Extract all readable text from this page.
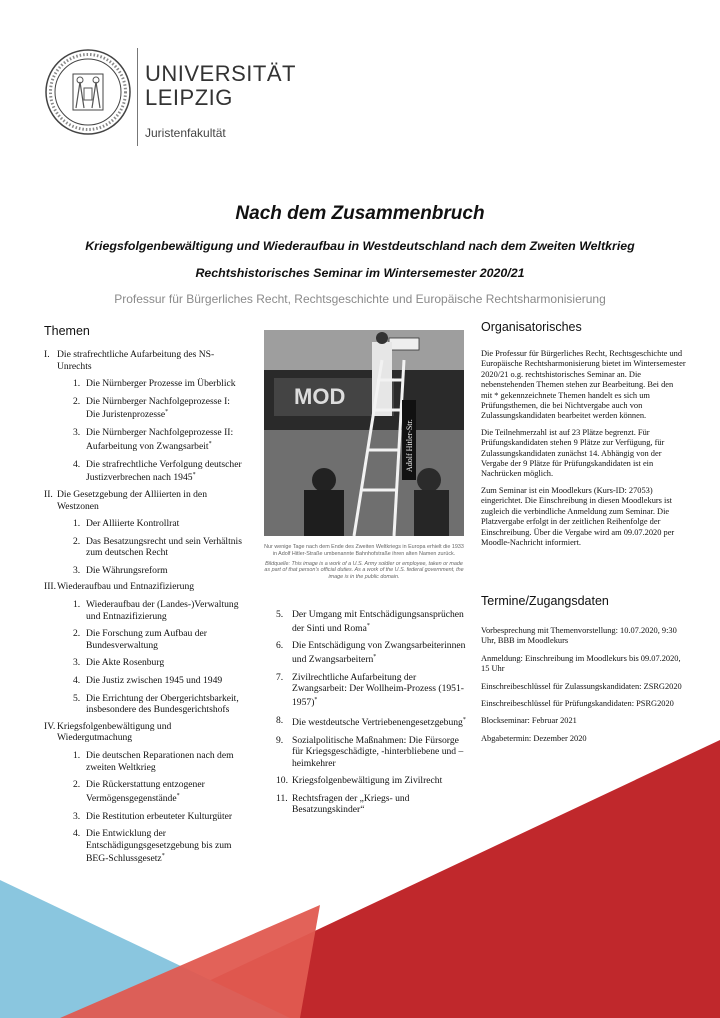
UNIVERSITÄT
LEIPZIG
Juristenfakultät
Nach dem Zusammenbruch
Kriegsfolgenbewältigung und Wiederaufbau in Westdeutschland nach dem Zweiten Weltkrieg
Rechtshistorisches Seminar im Wintersemester 2020/21
Professur für Bürgerliches Recht, Rechtsgeschichte und Europäische Rechtsharmonisierung
Themen
I. Die strafrechtliche Aufarbeitung des NS-Unrechts
1. Die Nürnberger Prozesse im Überblick
2. Die Nürnberger Nachfolgeprozesse I: Die Juristenprozesse*
3. Die Nürnberger Nachfolgeprozesse II: Aufarbeitung von Zwangsarbeit*
4. Die strafrechtliche Verfolgung deutscher Justizverbrechen nach 1945*
II. Die Gesetzgebung der Alliierten in den Westzonen
1. Der Alliierte Kontrollrat
2. Das Besatzungsrecht und sein Verhältnis zum deutschen Recht
3. Die Währungsreform
III. Wiederaufbau und Entnazifizierung
1. Wiederaufbau der (Landes-)Verwaltung und Entnazifizierung
2. Die Forschung zum Aufbau der Bundesverwaltung
3. Die Akte Rosenburg
4. Die Justiz zwischen 1945 und 1949
5. Die Errichtung der Obergerichtsbarkeit, insbesondere des Bundesgerichtshofs
IV. Kriegsfolgenbewältigung und Wiedergutmachung
1. Die deutschen Reparationen nach dem zweiten Weltkrieg
2. Die Rückerstattung entzogener Vermögensgegenstände*
3. Die Restitution erbeuteter Kulturgüter
4. Die Entwicklung der Entschädigungsgesetzgebung bis zum BEG-Schlussgesetz*
MOD
Adolf Hitler-Str.
Nur wenige Tage nach dem Ende des Zweiten Weltkriegs in Europa erhielt die 1933 in Adolf Hitler-Straße umbenannte Bahnhofstraße ihren alten Namen zurück.
Bildquelle: This image is a work of a U.S. Army soldier or employee, taken or made as part of that person's official duties. As a work of the U.S. federal government, the image is in the public domain.
5. Der Umgang mit Entschädigungsansprüchen der Sinti und Roma*
6. Die Entschädigung von Zwangsarbeiterinnen und Zwangsarbeitern*
7. Zivilrechtliche Aufarbeitung der Zwangsarbeit: Der Wollheim-Prozess (1951-1957)*
8. Die westdeutsche Vertriebenengesetzgebung*
9. Sozialpolitische Maßnahmen: Die Fürsorge für Kriegsgeschädigte, -hinterbliebene und – heimkehrer
10. Kriegsfolgenbewältigung im Zivilrecht
11. Rechtsfragen der „Kriegs- und Besatzungskinder“
Organisatorisches

Die Professur für Bürgerliches Recht, Rechtsgeschichte und Europäische Rechtsharmonisierung bietet im Wintersemester 2020/21 o.g. rechtshistorisches Seminar an. Die nebenstehenden Themen stehen zur Bearbeitung. Bei den mit * gekennzeichnete Themen handelt es sich um Prüfungsthemen, die bei Nichtvergabe auch von Zulassungskandidaten bearbeitet werden können.

Die Teilnehmerzahl ist auf 23 Plätze begrenzt. Für Prüfungskandidaten stehen 9 Plätze zur Verfügung, für Zulassungskandidaten zunächst 14. Abhängig von der Vergabe der 9 Plätze für Prüfungskandidaten ist ein Nachrücken möglich.

Zum Seminar ist ein Moodlekurs (Kurs-ID: 27053) eingerichtet. Die Einschreibung in diesen Moodlekurs ist zugleich die verbindliche Anmeldung zum Seminar. Die Platzvergabe erfolgt in der zeitlichen Reihenfolge der Einschreibung. Über die Vergabe wird am 09.07.2020 per Moodle-Nachricht informiert.

Termine/Zugangsdaten

Vorbesprechung mit Themenvorstellung: 10.07.2020, 9:30 Uhr, BBB im Moodlekurs

Anmeldung: Einschreibung im Moodlekurs bis 09.07.2020, 15 Uhr

Einschreibeschlüssel für Zulassungskandidaten: ZSRG2020

Einschreibeschlüssel für Prüfungskandidaten: PSRG2020

Blockseminar: Februar 2021

Abgabetermin: Dezember 2020
